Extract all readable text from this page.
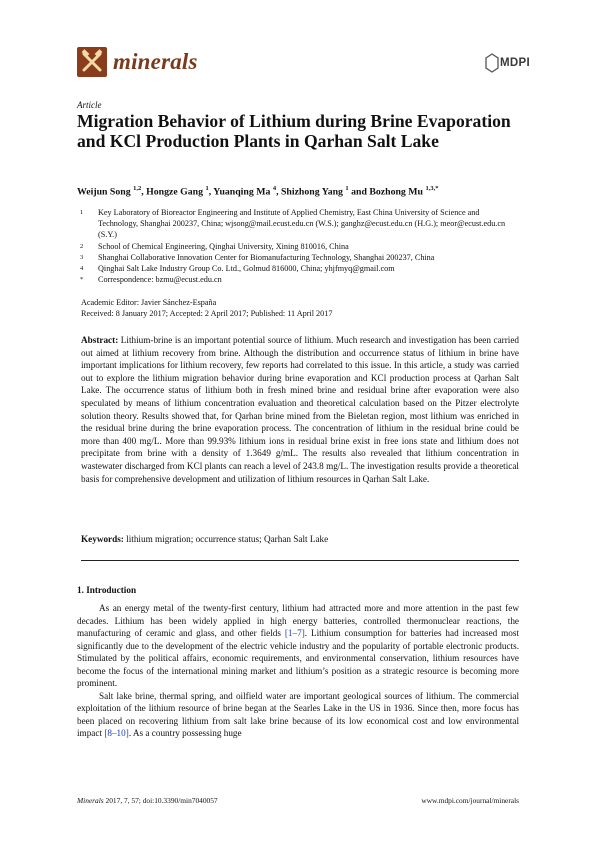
minerals	MDPI
Article
Migration Behavior of Lithium during Brine Evaporation and KCl Production Plants in Qarhan Salt Lake
Weijun Song $^{1,2}$, Hongze Gang $^1$, Yuanqing Ma $^4$, Shizhong Yang $^1$ and Bozhong Mu $^{1,3,*}$
1	Key Laboratory of Bioreactor Engineering and Institute of Applied Chemistry, East China University of Science and Technology, Shanghai 200237, China; wjsong@mail.ecust.edu.cn (W.S.); ganghz@ecust.edu.cn (H.G.); meor@ecust.edu.cn (S.Y.)
2	School of Chemical Engineering, Qinghai University, Xining 810016, China
3	Shanghai Collaborative Innovation Center for Biomanufacturing Technology, Shanghai 200237, China
4	Qinghai Salt Lake Industry Group Co. Ltd., Golmud 816000, China; yhjfmyq@gmail.com
*	Correspondence: bzmu@ecust.edu.cn
Academic Editor: Javier Sánchez-España
Received: 8 January 2017; Accepted: 2 April 2017; Published: 11 April 2017
Abstract: Lithium-brine is an important potential source of lithium. Much research and investigation has been carried out aimed at lithium recovery from brine. Although the distribution and occurrence status of lithium in brine have important implications for lithium recovery, few reports had correlated to this issue. In this article, a study was carried out to explore the lithium migration behavior during brine evaporation and KCl production process at Qarhan Salt Lake. The occurrence status of lithium both in fresh mined brine and residual brine after evaporation were also speculated by means of lithium concentration evaluation and theoretical calculation based on the Pitzer electrolyte solution theory. Results showed that, for Qarhan brine mined from the Bieletan region, most lithium was enriched in the residual brine during the brine evaporation process. The concentration of lithium in the residual brine could be more than 400 mg/L. More than 99.93% lithium ions in residual brine exist in free ions state and lithium does not precipitate from brine with a density of 1.3649 g/mL. The results also revealed that lithium concentration in wastewater discharged from KCl plants can reach a level of 243.8 mg/L. The investigation results provide a theoretical basis for comprehensive development and utilization of lithium resources in Qarhan Salt Lake.
Keywords: lithium migration; occurrence status; Qarhan Salt Lake
1. Introduction

As an energy metal of the twenty-first century, lithium had attracted more and more attention in the past few decades. Lithium has been widely applied in high energy batteries, controlled thermonuclear reactions, the manufacturing of ceramic and glass, and other fields [1–7]. Lithium consumption for batteries had increased most significantly due to the development of the electric vehicle industry and the popularity of portable electronic products. Stimulated by the political affairs, economic requirements, and environmental conservation, lithium resources have become the focus of the international mining market and lithium’s position as a strategic resource is becoming more prominent.

Salt lake brine, thermal spring, and oilfield water are important geological sources of lithium. The commercial exploitation of the lithium resource of brine began at the Searles Lake in the US in 1936. Since then, more focus has been placed on recovering lithium from salt lake brine because of its low economical cost and low environmental impact [8–10]. As a country possessing huge

Minerals 2017, 7, 57; doi:10.3390/min7040057	www.mdpi.com/journal/minerals
